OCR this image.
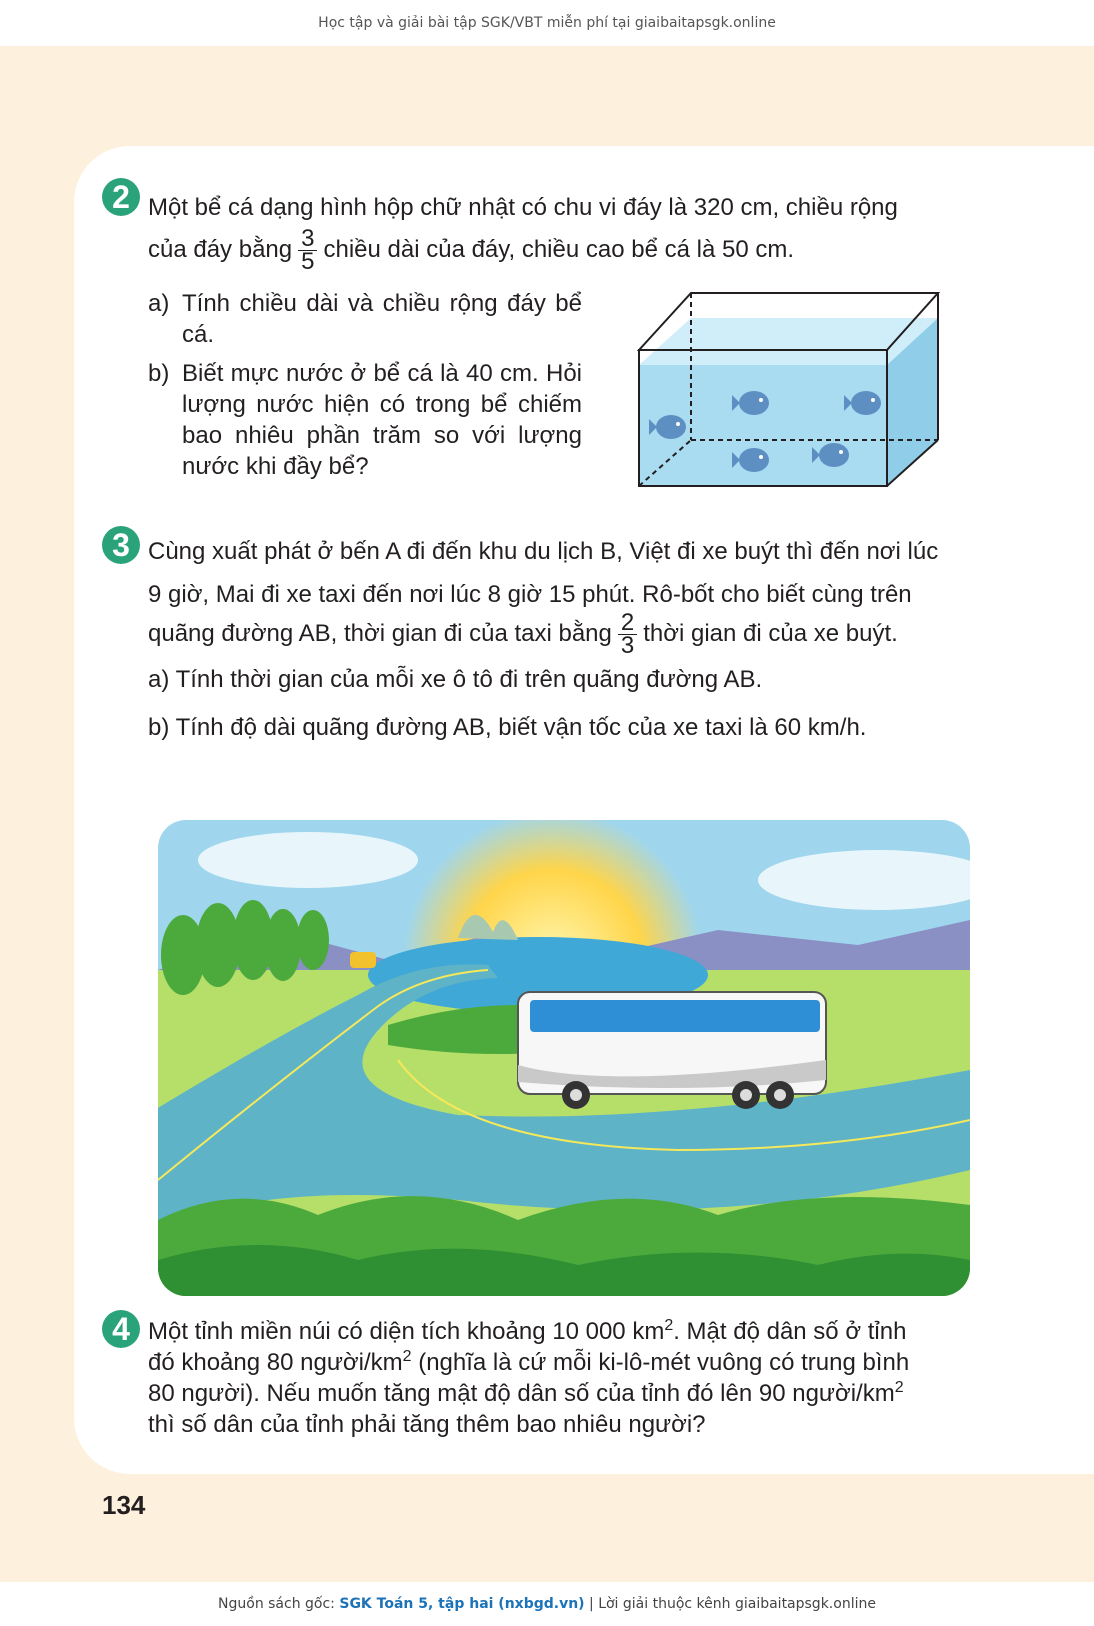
Học tập và giải bài tập SGK/VBT miễn phí tại giaibaitapsgk.online
2 Một bể cá dạng hình hộp chữ nhật có chu vi đáy là 320 cm, chiều rộng
của đáy bằng $\frac{3}{5}$ chiều dài của đáy, chiều cao bể cá là 50 cm.
a) Tính chiều dài và chiều rộng đáy bể cá.
b) Biết mực nước ở bể cá là 40 cm. Hỏi lượng nước hiện có trong bể chiếm bao nhiêu phần trăm so với lượng nước khi đầy bể?
3 Cùng xuất phát ở bến A đi đến khu du lịch B, Việt đi xe buýt thì đến nơi lúc
9 giờ, Mai đi xe taxi đến nơi lúc 8 giờ 15 phút. Rô-bốt cho biết cùng trên
quãng đường AB, thời gian đi của taxi bằng $\frac{2}{3}$ thời gian đi của xe buýt.
a) Tính thời gian của mỗi xe ô tô đi trên quãng đường AB.
b) Tính độ dài quãng đường AB, biết vận tốc của xe taxi là 60 km/h.
4 Một tỉnh miền núi có diện tích khoảng 10 000 $km^2$. Mật độ dân số ở tỉnh
đó khoảng 80 người/$km^2$ (nghĩa là cứ mỗi ki-lô-mét vuông có trung bình
80 người). Nếu muốn tăng mật độ dân số của tỉnh đó lên 90 người/$km^2$
thì số dân của tỉnh phải tăng thêm bao nhiêu người?
134
Nguồn sách gốc: SGK Toán 5, tập hai (nxbgd.vn) | Lời giải thuộc kênh giaibaitapsgk.online
